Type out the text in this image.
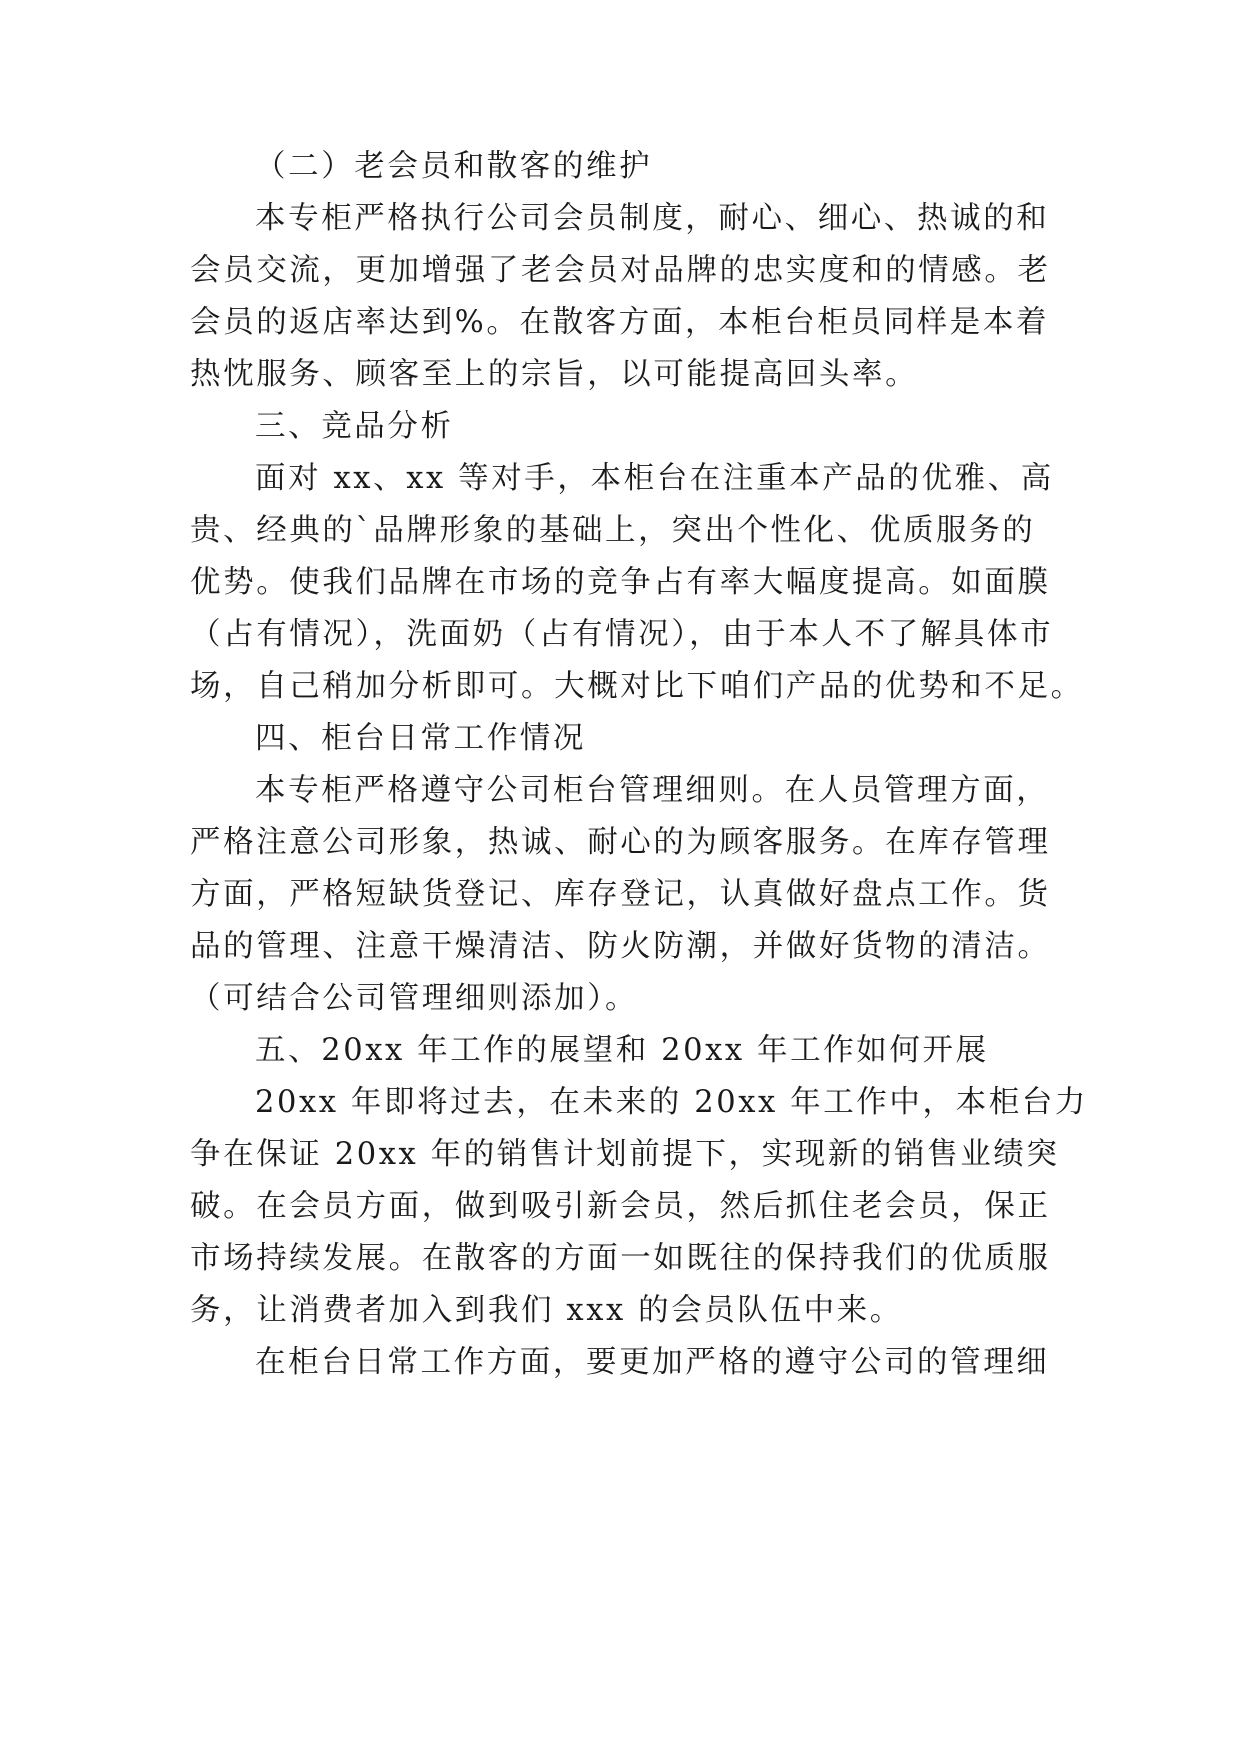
（二）老会员和散客的维护
本专柜严格执行公司会员制度，耐心、细心、热诚的和
会员交流，更加增强了老会员对品牌的忠实度和的情感。老
会员的返店率达到%。在散客方面，本柜台柜员同样是本着
热忱服务、顾客至上的宗旨，以可能提高回头率。
三、竞品分析
面对 xx、xx 等对手，本柜台在注重本产品的优雅、高
贵、经典的`品牌形象的基础上，突出个性化、优质服务的
优势。使我们品牌在市场的竞争占有率大幅度提高。如面膜
（占有情况），洗面奶（占有情况），由于本人不了解具体市
场，自己稍加分析即可。大概对比下咱们产品的优势和不足。
四、柜台日常工作情况
本专柜严格遵守公司柜台管理细则。在人员管理方面，
严格注意公司形象，热诚、耐心的为顾客服务。在库存管理
方面，严格短缺货登记、库存登记，认真做好盘点工作。货
品的管理、注意干燥清洁、防火防潮，并做好货物的清洁。
（可结合公司管理细则添加）。
五、20xx 年工作的展望和 20xx 年工作如何开展
20xx 年即将过去，在未来的 20xx 年工作中，本柜台力
争在保证 20xx 年的销售计划前提下，实现新的销售业绩突
破。在会员方面，做到吸引新会员，然后抓住老会员，保正
市场持续发展。在散客的方面一如既往的保持我们的优质服
务，让消费者加入到我们 xxx 的会员队伍中来。
在柜台日常工作方面，要更加严格的遵守公司的管理细
